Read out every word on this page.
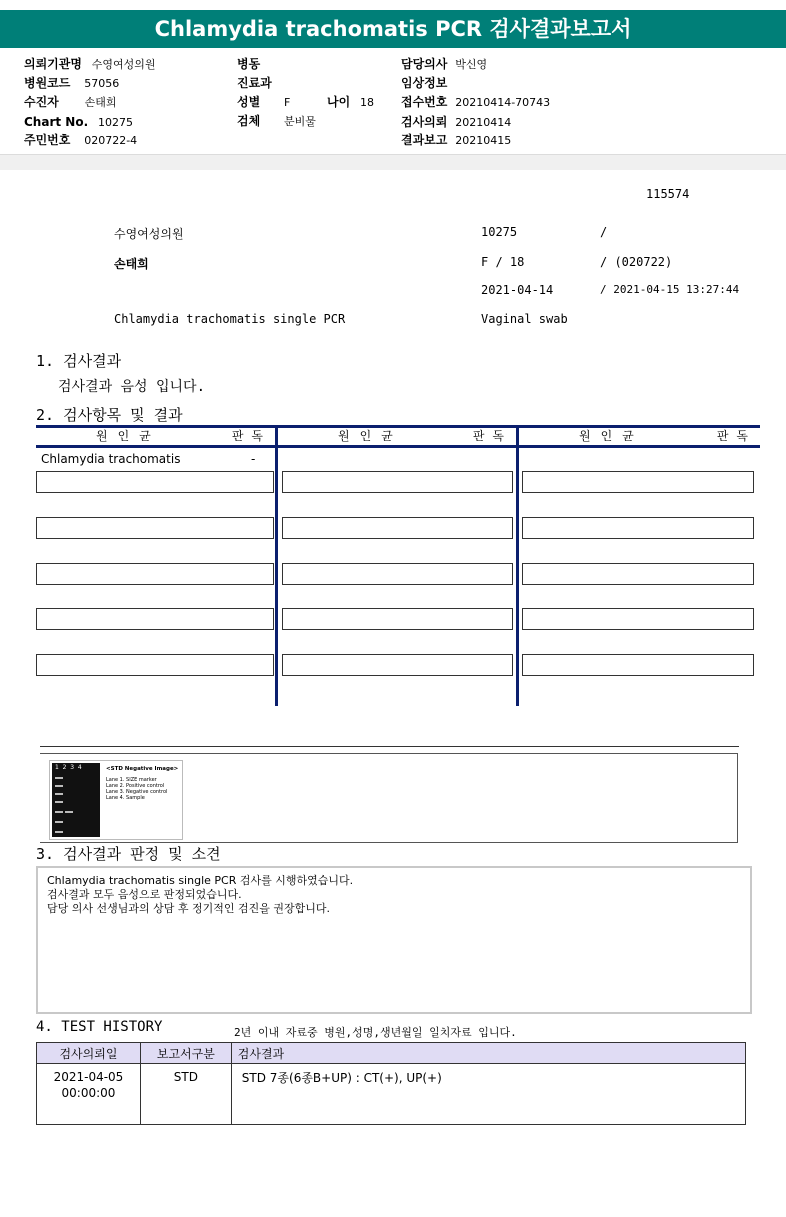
Chlamydia trachomatis PCR 검사결과보고서
의뢰기관명 수영여성의원
병원코드 57056
수진자 손태희
Chart No. 10275
주민번호 020722-4
병동
진료과
성별 F	나이 18
검체 분비물
담당의사 박신영
임상정보
접수번호 20210414-70743
검사의뢰 20210414
결과보고 20210415
115574
수영여성의원	10275	/
손태희	F / 18	/ (020722)
2021-04-14	/ 2021-04-15 13:27:44
Chlamydia trachomatis single PCR	Vaginal swab
1. 검사결과
검사결과 음성 입니다.
2. 검사항목 및 결과
원인균	판독	원인균	판독	원인균	판독
Chlamydia trachomatis	-
1  2  3  4	<STD Negative Image>
Lane 1. SIZE marker
Lane 2. Positive control
Lane 3. Negative control
Lane 4. Sample
3. 검사결과 판정 및 소견
Chlamydia trachomatis single PCR 검사를 시행하였습니다.
검사결과 모두 음성으로 판정되었습니다.
담당 의사 선생님과의 상담 후 정기적인 검진을 권장합니다.
4. TEST HISTORY	2년 이내 자료중 병원,성명,생년월일 일치자료 입니다.
검사의뢰일	보고서구분	검사결과

2021-04-05
00:00:00	STD	STD 7종(6종B+UP) : CT(+), UP(+)
